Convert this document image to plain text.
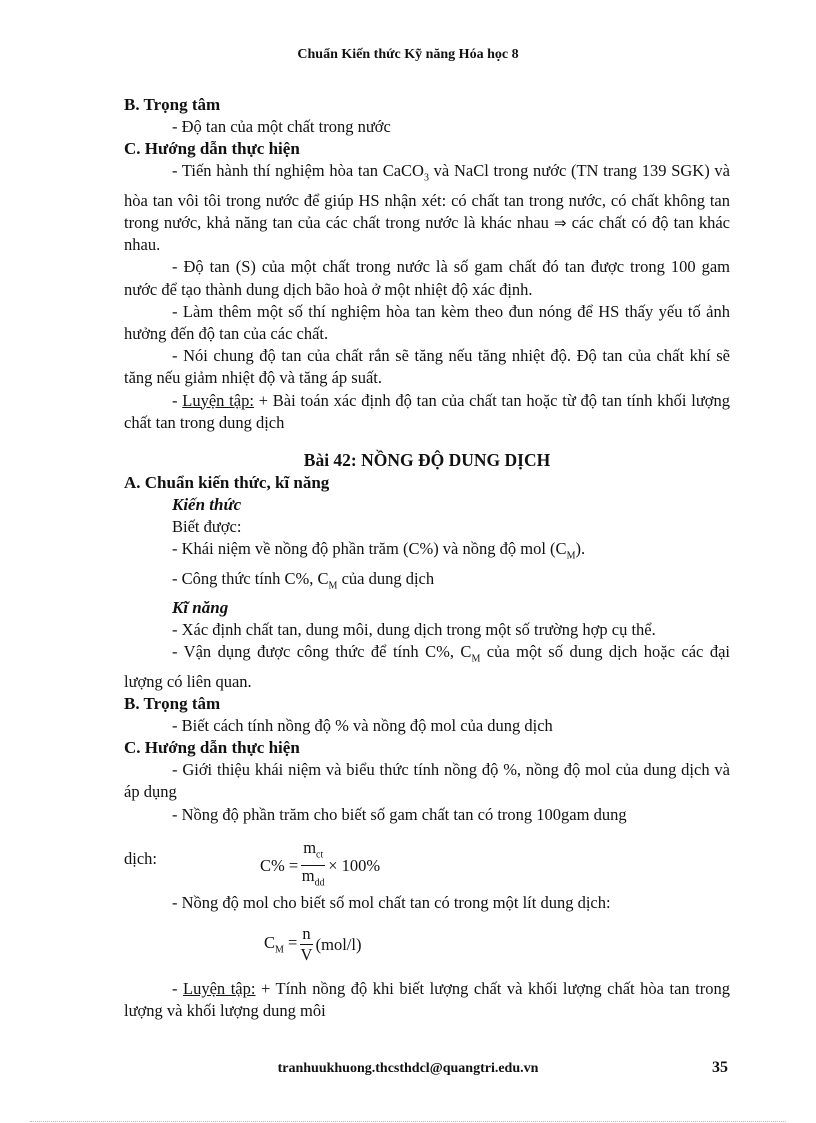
Chuẩn Kiến thức Kỹ năng Hóa học 8

B. Trọng tâm

- Độ tan của một chất trong nước

C. Hướng dẫn thực hiện

- Tiến hành thí nghiệm hòa tan CaCO$_3$ và NaCl trong nước (TN trang 139 SGK) và hòa tan vôi tôi trong nước để giúp HS nhận xét: có chất tan trong nước, có chất không tan trong nước, khả năng tan của các chất trong nước là khác nhau ⇒ các chất có độ tan khác nhau.

- Độ tan (S) của một chất trong nước là số gam chất đó tan được trong 100 gam nước để tạo thành dung dịch bão hoà ở một nhiệt độ xác định.

- Làm thêm một số thí nghiệm hòa tan kèm theo đun nóng để HS thấy yếu tố ảnh hưởng đến độ tan của các chất.

- Nói chung độ tan của chất rắn sẽ tăng nếu tăng nhiệt độ. Độ tan của chất khí sẽ tăng nếu giảm nhiệt độ và tăng áp suất.

- Luyện tập: + Bài toán xác định độ tan của chất tan hoặc từ độ tan tính khối lượng chất tan trong dung dịch

Bài 42: NỒNG ĐỘ DUNG DỊCH

A. Chuẩn kiến thức, kĩ năng

Kiến thức

Biết được:

- Khái niệm về nồng độ phần trăm (C%) và nồng độ mol $(C_M)$.

- Công thức tính C%, $C_M$ của dung dịch

Kĩ năng

- Xác định chất tan, dung môi, dung dịch trong một số trường hợp cụ thể.

- Vận dụng được công thức để tính C%, $C_M$ của một số dung dịch hoặc các đại lượng có liên quan.

B. Trọng tâm

- Biết cách tính nồng độ % và nồng độ mol của dung dịch

C. Hướng dẫn thực hiện

- Giới thiệu khái niệm và biểu thức tính nồng độ %, nồng độ mol của dung dịch và áp dụng

- Nồng độ phần trăm cho biết số gam chất tan có trong 100gam dung

dịch:	$C\% = \frac{m_{ct}}{m_{dd}} \times 100\%$

- Nồng độ mol cho biết số mol chất tan có trong một lít dung dịch:

$C_M = \frac{n}{V} (mol/l)$

- Luyện tập: + Tính nồng độ khi biết lượng chất và khối lượng chất hòa tan trong lượng và khối lượng dung môi

tranhuukhuong.thcsthdcl@quangtri.edu.vn	35
